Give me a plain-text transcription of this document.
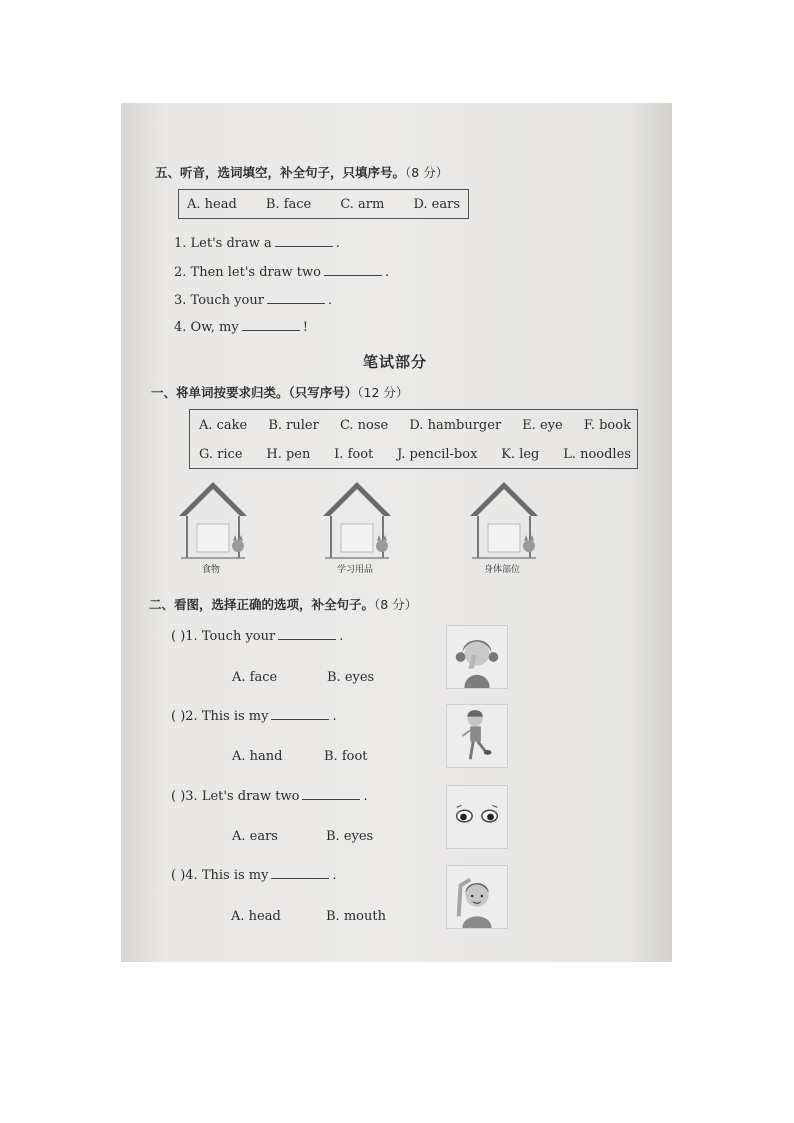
五、听音，选词填空，补全句子，只填序号。（8 分）
A. head B. face C. arm D. ears
1. Let's draw a	.
2. Then let's draw two	.
3. Touch your	.
4. Ow, my	!
笔试部分
一、将单词按要求归类。（只写序号）（12 分）
A. cake B. ruler C. nose D. hamburger E. eye F. book
G. rice H. pen I. foot J. pencil-box K. leg L. noodles
食物	学习用品	身体部位
二、看图，选择正确的选项，补全句子。（8 分）
( )1. Touch your	.
A. face	B. eyes
( )2. This is my	.
A. hand	B. foot
( )3. Let's draw two	.
A. ears	B. eyes
( )4. This is my	.
A. head	B. mouth
